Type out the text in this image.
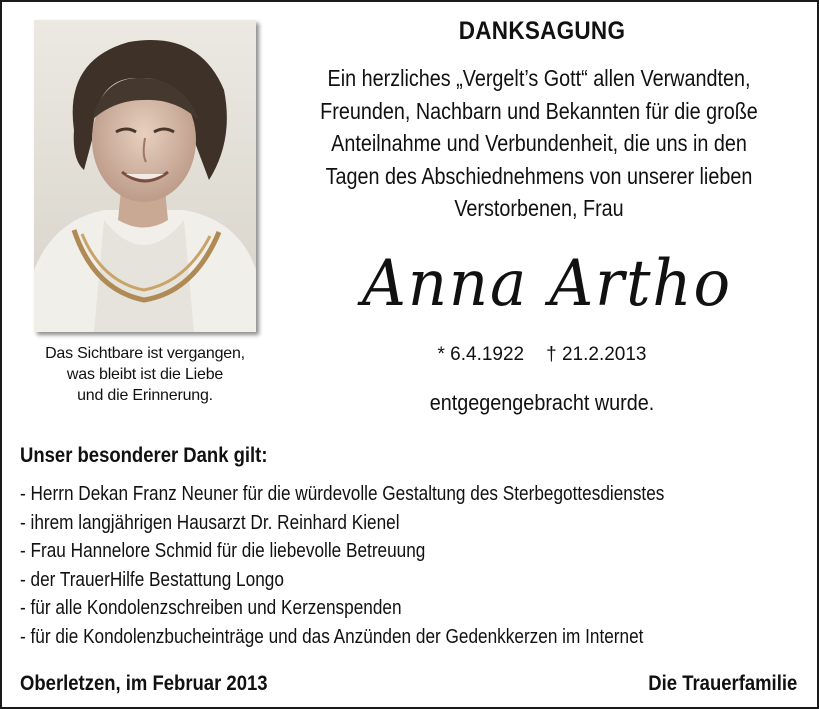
Das Sichtbare ist vergangen,
was bleibt ist die Liebe
und die Erinnerung.
DANKSAGUNG
Ein herzliches „Vergelt’s Gott“ allen Verwandten,
Freunden, Nachbarn und Bekannten für die große
Anteilnahme und Verbundenheit, die uns in den
Tagen des Abschiednehmens von unserer lieben
Verstorbenen, Frau
Anna Artho
* 6.4.1922 † 21.2.2013
entgegengebracht wurde.
Unser besonderer Dank gilt:
- Herrn Dekan Franz Neuner für die würdevolle Gestaltung des Sterbegottesdienstes
- ihrem langjährigen Hausarzt Dr. Reinhard Kienel
- Frau Hannelore Schmid für die liebevolle Betreuung
- der TrauerHilfe Bestattung Longo
- für alle Kondolenzschreiben und Kerzenspenden
- für die Kondolenzbucheinträge und das Anzünden der Gedenkkerzen im Internet
Oberletzen, im Februar 2013	Die Trauerfamilie
